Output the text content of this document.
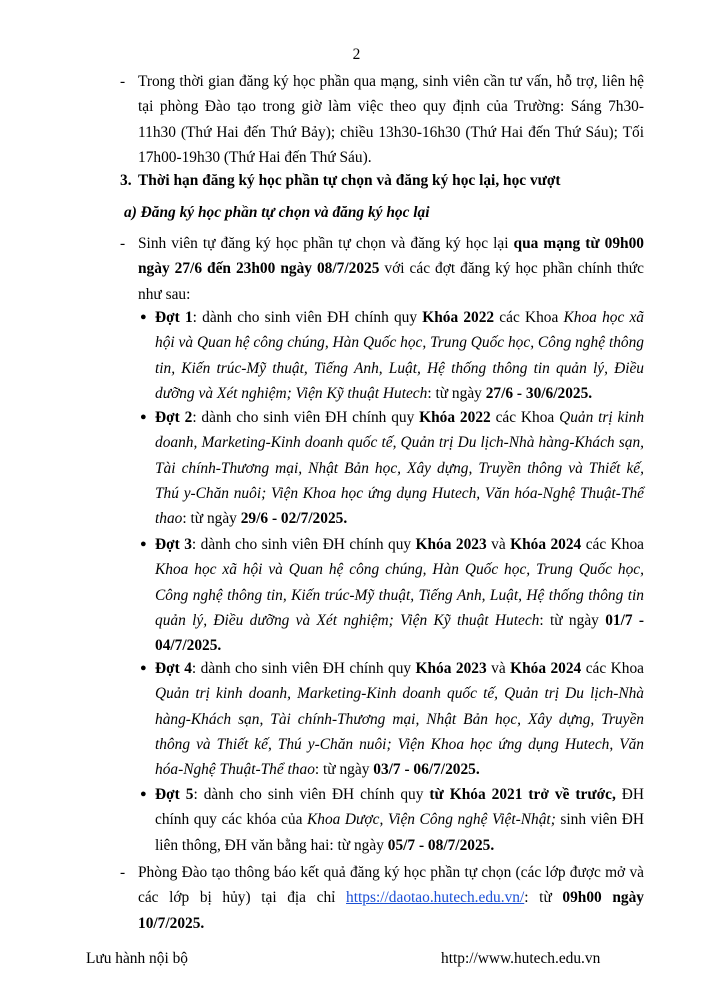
2
- Trong thời gian đăng ký học phần qua mạng, sinh viên cần tư vấn, hỗ trợ, liên hệ tại phòng Đào tạo trong giờ làm việc theo quy định của Trường: Sáng 7h30-11h30 (Thứ Hai đến Thứ Bảy); chiều 13h30-16h30 (Thứ Hai đến Thứ Sáu); Tối 17h00-19h30 (Thứ Hai đến Thứ Sáu).
3. Thời hạn đăng ký học phần tự chọn và đăng ký học lại, học vượt
a) Đăng ký học phần tự chọn và đăng ký học lại
- Sinh viên tự đăng ký học phần tự chọn và đăng ký học lại qua mạng từ 09h00 ngày 27/6 đến 23h00 ngày 08/7/2025 với các đợt đăng ký học phần chính thức như sau:
● Đợt 1: dành cho sinh viên ĐH chính quy Khóa 2022 các Khoa Khoa học xã hội và Quan hệ công chúng, Hàn Quốc học, Trung Quốc học, Công nghệ thông tin, Kiến trúc-Mỹ thuật, Tiếng Anh, Luật, Hệ thống thông tin quản lý, Điều dưỡng và Xét nghiệm; Viện Kỹ thuật Hutech: từ ngày 27/6 - 30/6/2025.
● Đợt 2: dành cho sinh viên ĐH chính quy Khóa 2022 các Khoa Quản trị kinh doanh, Marketing-Kinh doanh quốc tế, Quản trị Du lịch-Nhà hàng-Khách sạn, Tài chính-Thương mại, Nhật Bản học, Xây dựng, Truyền thông và Thiết kế, Thú y-Chăn nuôi; Viện Khoa học ứng dụng Hutech, Văn hóa-Nghệ Thuật-Thể thao: từ ngày 29/6 - 02/7/2025.
● Đợt 3: dành cho sinh viên ĐH chính quy Khóa 2023 và Khóa 2024 các Khoa Khoa học xã hội và Quan hệ công chúng, Hàn Quốc học, Trung Quốc học, Công nghệ thông tin, Kiến trúc-Mỹ thuật, Tiếng Anh, Luật, Hệ thống thông tin quản lý, Điều dưỡng và Xét nghiệm; Viện Kỹ thuật Hutech: từ ngày 01/7 - 04/7/2025.
● Đợt 4: dành cho sinh viên ĐH chính quy Khóa 2023 và Khóa 2024 các Khoa Quản trị kinh doanh, Marketing-Kinh doanh quốc tế, Quản trị Du lịch-Nhà hàng-Khách sạn, Tài chính-Thương mại, Nhật Bản học, Xây dựng, Truyền thông và Thiết kế, Thú y-Chăn nuôi; Viện Khoa học ứng dụng Hutech, Văn hóa-Nghệ Thuật-Thể thao: từ ngày 03/7 - 06/7/2025.
● Đợt 5: dành cho sinh viên ĐH chính quy từ Khóa 2021 trở về trước, ĐH chính quy các khóa của Khoa Dược, Viện Công nghệ Việt-Nhật; sinh viên ĐH liên thông, ĐH văn bằng hai: từ ngày 05/7 - 08/7/2025.
- Phòng Đào tạo thông báo kết quả đăng ký học phần tự chọn (các lớp được mở và các lớp bị hủy) tại địa chỉ https://daotao.hutech.edu.vn/: từ 09h00 ngày 10/7/2025.
Lưu hành nội bộ	http://www.hutech.edu.vn
